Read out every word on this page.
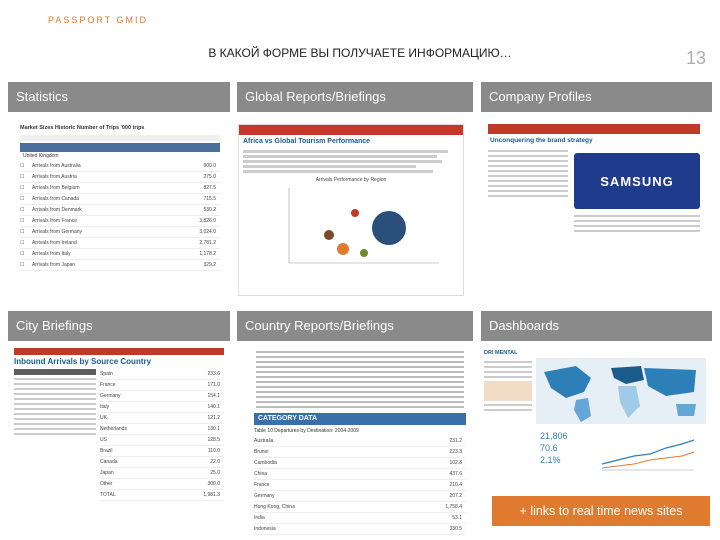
PASSPORT GMID
В КАКОЙ ФОРМЕ ВЫ ПОЛУЧАЕТЕ ИНФОРМАЦИЮ…	13
Statistics	Global Reports/Briefings	Company Profiles
City Briefings	Country Reports/Briefings	Dashboards
Market Sizes Historic Number of Trips '000 trips
United Kingdom
☐	Arrivals from Australia	900.0
☐	Arrivals from Austria	275.0
☐	Arrivals from Belgium	827.5
☐	Arrivals from Canada	715.5
☐	Arrivals from Denmark	530.2
☐	Arrivals from France	3,826.0
☐	Arrivals from Germany	3,024.0
☐	Arrivals from Ireland	2,781.2
☐	Arrivals from Italy	1,178.2
☐	Arrivals from Japan	329.2
Africa vs Global Tourism Performance
Arrivals Performance by Region
Unconquering the brand strategy
SAMSUNG
Inbound Arrivals by Source Country
Spain	233.6
France	171.0
Germany	154.1
Italy	140.1
UK	121.2
Netherlands	130.1
US	128.5
Brazil	110.0
Canada	22.0
Japan	25.0
Other	300.0
TOTAL	1,981.3
CATEGORY DATA
Table 10 Departures by Destination: 2004-2009
Australia	231.2
Brunei	223.3
Cambodia	102.8
China	437.6
France	210.4
Germany	207.2
Hong Kong, China	1,758.4
India	53.1
Indonesia	330.5
DRI MENTAL
21,806
70.6
2.1%
+ links to real time news sites
